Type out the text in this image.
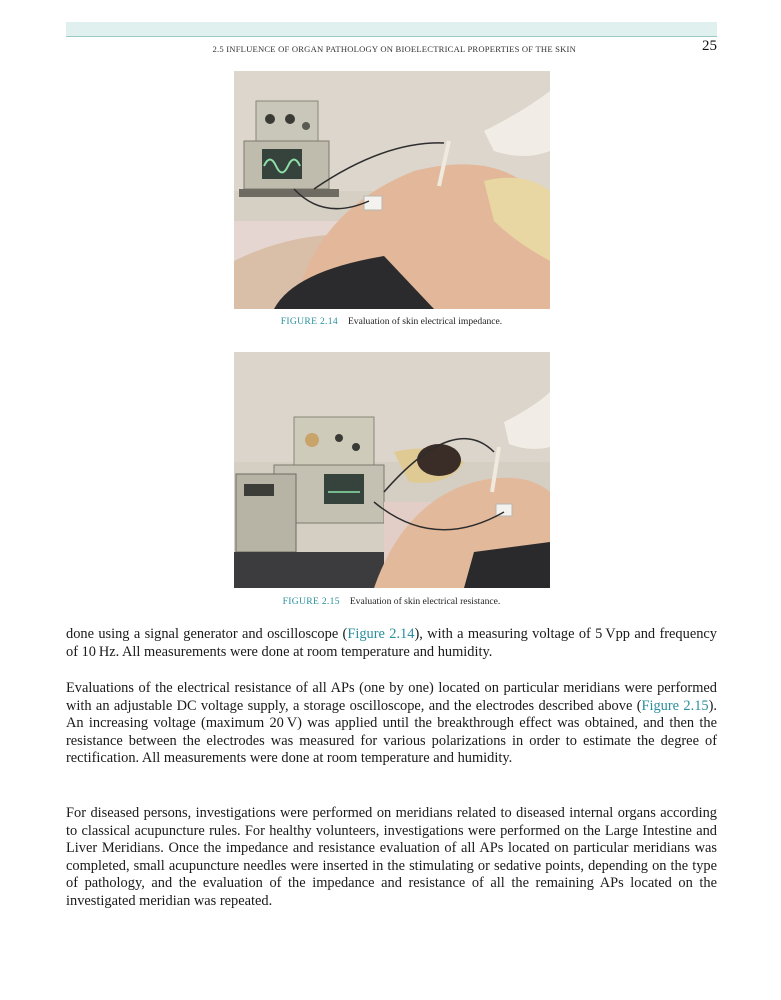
2.5 INFLUENCE OF ORGAN PATHOLOGY ON BIOELECTRICAL PROPERTIES OF THE SKIN	25
FIGURE 2.14 Evaluation of skin electrical impedance.
FIGURE 2.15 Evaluation of skin electrical resistance.

done using a signal generator and oscilloscope (Figure 2.14), with a measuring voltage of 5 Vpp and frequency of 10 Hz. All measurements were done at room temperature and humidity.

Evaluations of the electrical resistance of all APs (one by one) located on particular meridians were performed with an adjustable DC voltage supply, a storage oscilloscope, and the electrodes described above (Figure 2.15). An increasing voltage (maximum 20 V) was applied until the breakthrough effect was obtained, and then the resistance between the electrodes was measured for various polarizations in order to estimate the degree of rectification. All measurements were done at room temperature and humidity.

For diseased persons, investigations were performed on meridians related to diseased internal organs according to classical acupuncture rules. For healthy volunteers, investigations were performed on the Large Intestine and Liver Meridians. Once the impedance and resistance evaluation of all APs located on particular meridians was completed, small acupuncture needles were inserted in the stimulating or sedative points, depending on the type of pathology, and the evaluation of the impedance and resistance of all the remaining APs located on the investigated meridian was repeated.
